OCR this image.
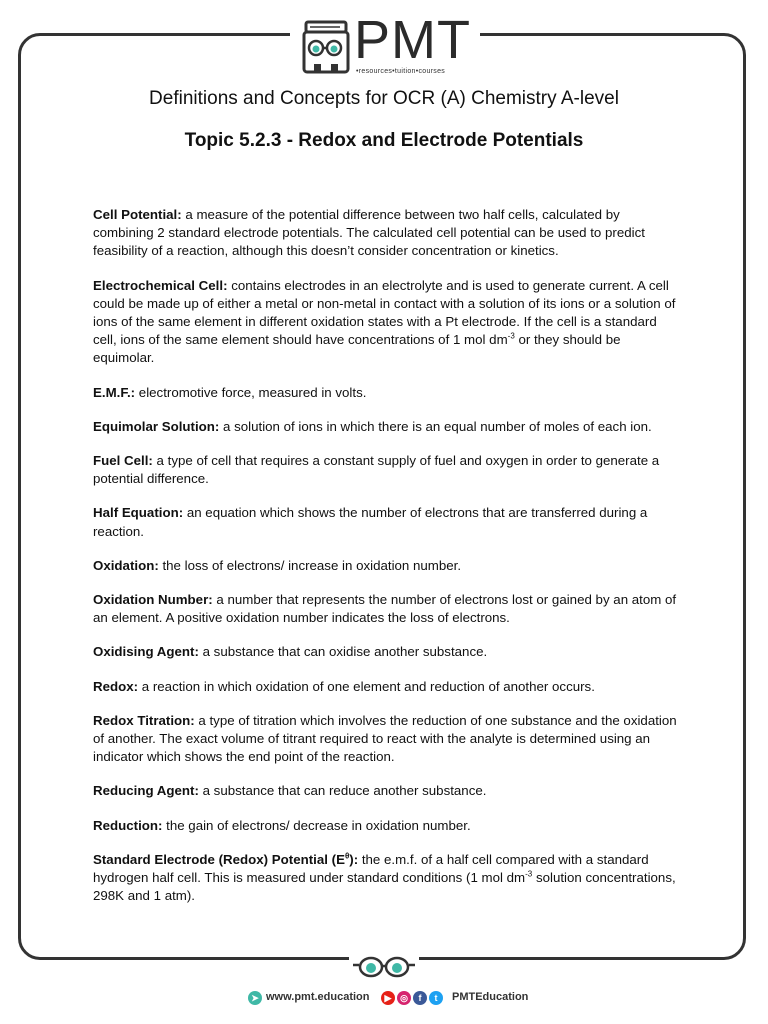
PMT
•resources•tuition•courses
Definitions and Concepts for OCR (A) Chemistry A-level
Topic 5.2.3 - Redox and Electrode Potentials

Cell Potential: a measure of the potential difference between two half cells, calculated by combining 2 standard electrode potentials. The calculated cell potential can be used to predict feasibility of a reaction, although this doesn’t consider concentration or kinetics.

Electrochemical Cell: contains electrodes in an electrolyte and is used to generate current. A cell could be made up of either a metal or non-metal in contact with a solution of its ions or a solution of ions of the same element in different oxidation states with a Pt electrode. If the cell is a standard cell, ions of the same element should have concentrations of 1 mol $dm^{-3}$ or they should be equimolar.

E.M.F.: electromotive force, measured in volts.

Equimolar Solution: a solution of ions in which there is an equal number of moles of each ion.

Fuel Cell: a type of cell that requires a constant supply of fuel and oxygen in order to generate a potential difference.

Half Equation: an equation which shows the number of electrons that are transferred during a reaction.

Oxidation: the loss of electrons/ increase in oxidation number.

Oxidation Number: a number that represents the number of electrons lost or gained by an atom of an element. A positive oxidation number indicates the loss of electrons.

Oxidising Agent: a substance that can oxidise another substance.

Redox: a reaction in which oxidation of one element and reduction of another occurs.

Redox Titration: a type of titration which involves the reduction of one substance and the oxidation of another. The exact volume of titrant required to react with the analyte is determined using an indicator which shows the end point of the reaction.

Reducing Agent: a substance that can reduce another substance.

Reduction: the gain of electrons/ decrease in oxidation number.

Standard Electrode (Redox) Potential $(E^\theta)$: the e.m.f. of a half cell compared with a standard hydrogen half cell. This is measured under standard conditions (1 mol $dm^{-3}$ solution concentrations, 298K and 1 atm).

➤ www.pmt.education	▶ ◎	f	t	PMTEducation
